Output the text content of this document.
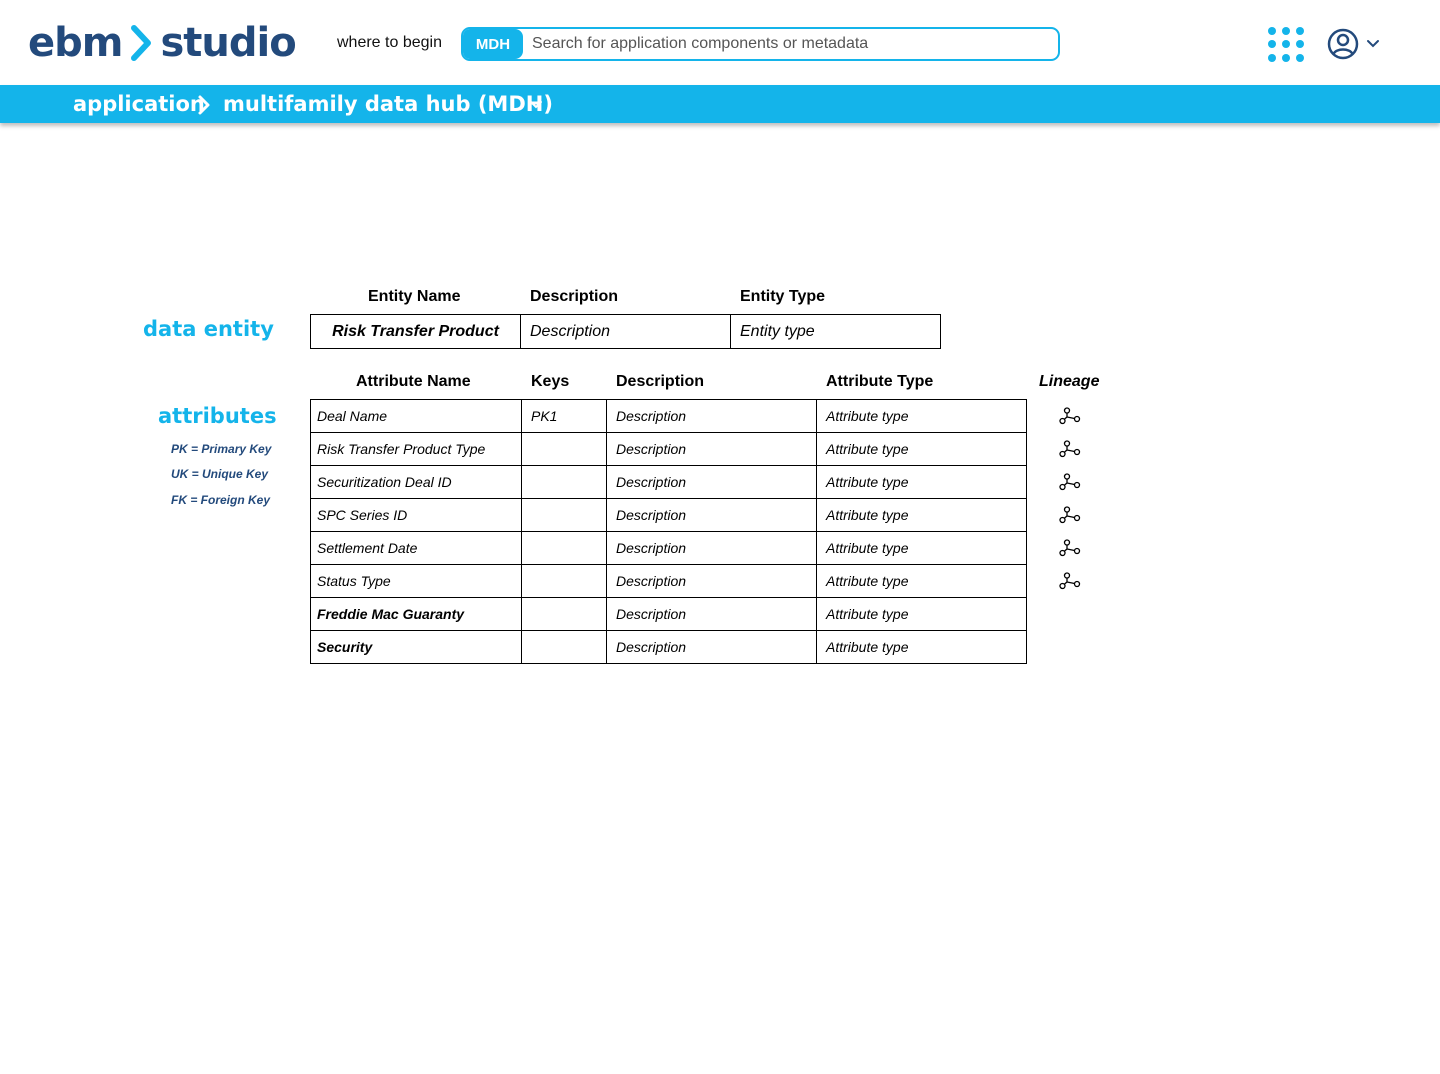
ebm studio	where to begin	MDH
Search for application components or metadata
application multifamily data hub (MDH)
data entity
Entity Name	Description	Entity Type
Risk Transfer Product	Description	Entity type
attributes
PK = Primary Key
UK = Unique Key
FK = Foreign Key
Attribute Name	Keys	Description	Attribute Type	Lineage
Deal Name	PK1	Description	Attribute type
Risk Transfer Product Type		Description	Attribute type
Securitization Deal ID		Description	Attribute type
SPC Series ID		Description	Attribute type
Settlement Date		Description	Attribute type
Status Type		Description	Attribute type
Freddie Mac Guaranty		Description	Attribute type
Security		Description	Attribute type
